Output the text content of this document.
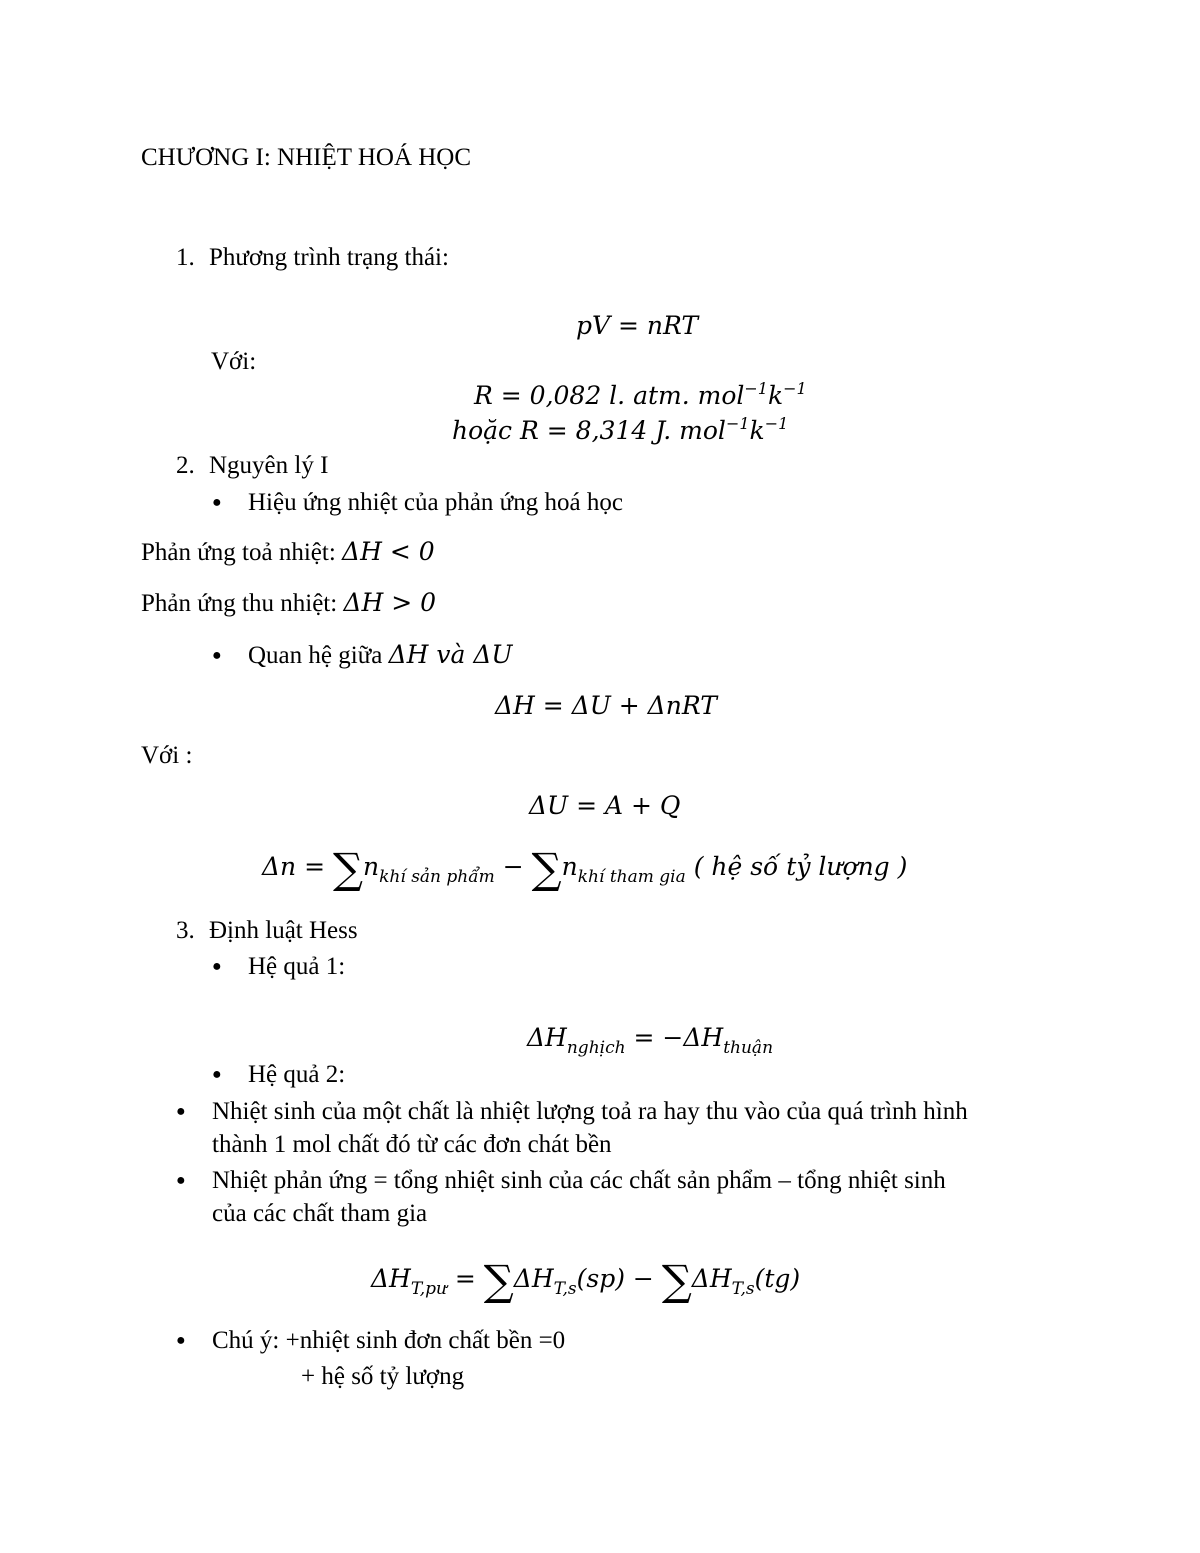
CHƯƠNG I: NHIỆT HOÁ HỌC
1. Phương trình trạng thái:
pV = nRT
Với:
R = 0,082 l. atm. $mol^{-1}k^{-1}$
hoặc R = 8,314 J. $mol^{-1}k^{-1}$
2. Nguyên lý I
● Hiệu ứng nhiệt của phản ứng hoá học
Phản ứng toả nhiệt: ΔH < 0
Phản ứng thu nhiệt: ΔH > 0
● Quan hệ giữa ΔH và ΔU
ΔH = ΔU + ΔnRT
Với :
ΔU = A + Q
$\Delta n = \sum n_{khí sản phẩm} - \sum n_{khí tham gia}$ ( hệ số tỷ lượng )
3. Định luật Hess
● Hệ quả 1:
$\Delta H_{nghịch} = -\Delta H_{thuận}$
● Hệ quả 2:
● Nhiệt sinh của một chất là nhiệt lượng toả ra hay thu vào của quá trình hình
thành 1 mol chất đó từ các đơn chát bền
● Nhiệt phản ứng = tổng nhiệt sinh của các chất sản phẩm – tổng nhiệt sinh
của các chất tham gia
$\Delta H_{T,pư} = \sum\Delta H_{T,s}(sp) - \sum\Delta H_{T,s}(tg)$
● Chú ý: +nhiệt sinh đơn chất bền =0
+ hệ số tỷ lượng
